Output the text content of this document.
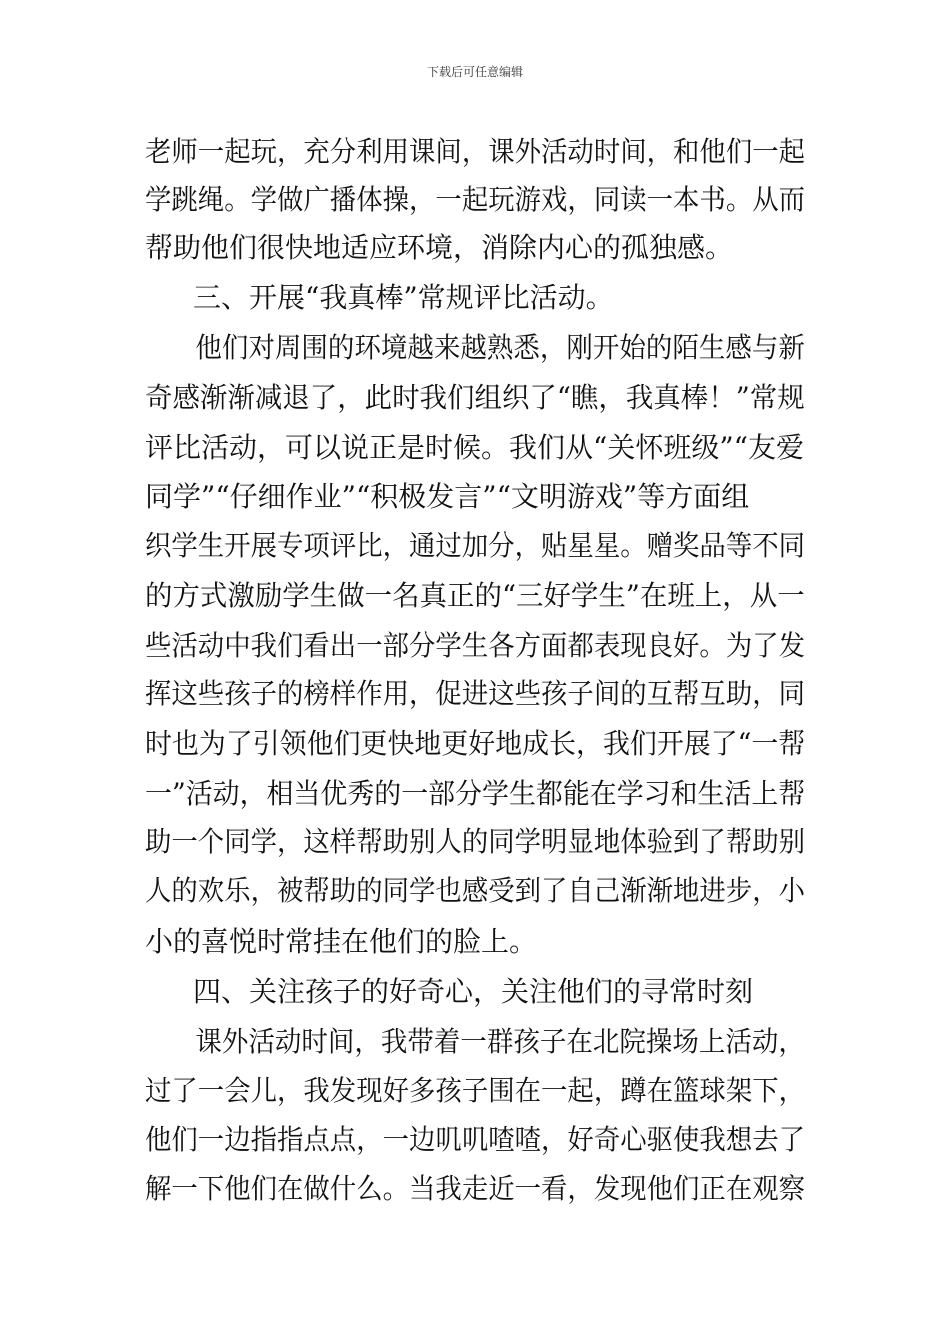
下载后可任意编辑
老师一起玩，充分利用课间，课外活动时间，和他们一起
学跳绳。学做广播体操，一起玩游戏，同读一本书。从而
帮助他们很快地适应环境，消除内心的孤独感。
三、开展“我真棒”常规评比活动。
他们对周围的环境越来越熟悉，刚开始的陌生感与新
奇感渐渐减退了，此时我们组织了“瞧，我真棒！”常规
评比活动，可以说正是时候。我们从“关怀班级”“友爱
同学”“仔细作业”“积极发言”“文明游戏”等方面组
织学生开展专项评比，通过加分，贴星星。赠奖品等不同
的方式激励学生做一名真正的“三好学生”在班上，从一
些活动中我们看出一部分学生各方面都表现良好。为了发
挥这些孩子的榜样作用，促进这些孩子间的互帮互助，同
时也为了引领他们更快地更好地成长，我们开展了“一帮
一”活动，相当优秀的一部分学生都能在学习和生活上帮
助一个同学，这样帮助别人的同学明显地体验到了帮助别
人的欢乐，被帮助的同学也感受到了自己渐渐地进步，小
小的喜悦时常挂在他们的脸上。
四、关注孩子的好奇心，关注他们的寻常时刻
课外活动时间，我带着一群孩子在北院操场上活动，
过了一会儿，我发现好多孩子围在一起，蹲在篮球架下，
他们一边指指点点，一边叽叽喳喳，好奇心驱使我想去了
解一下他们在做什么。当我走近一看，发现他们正在观察
